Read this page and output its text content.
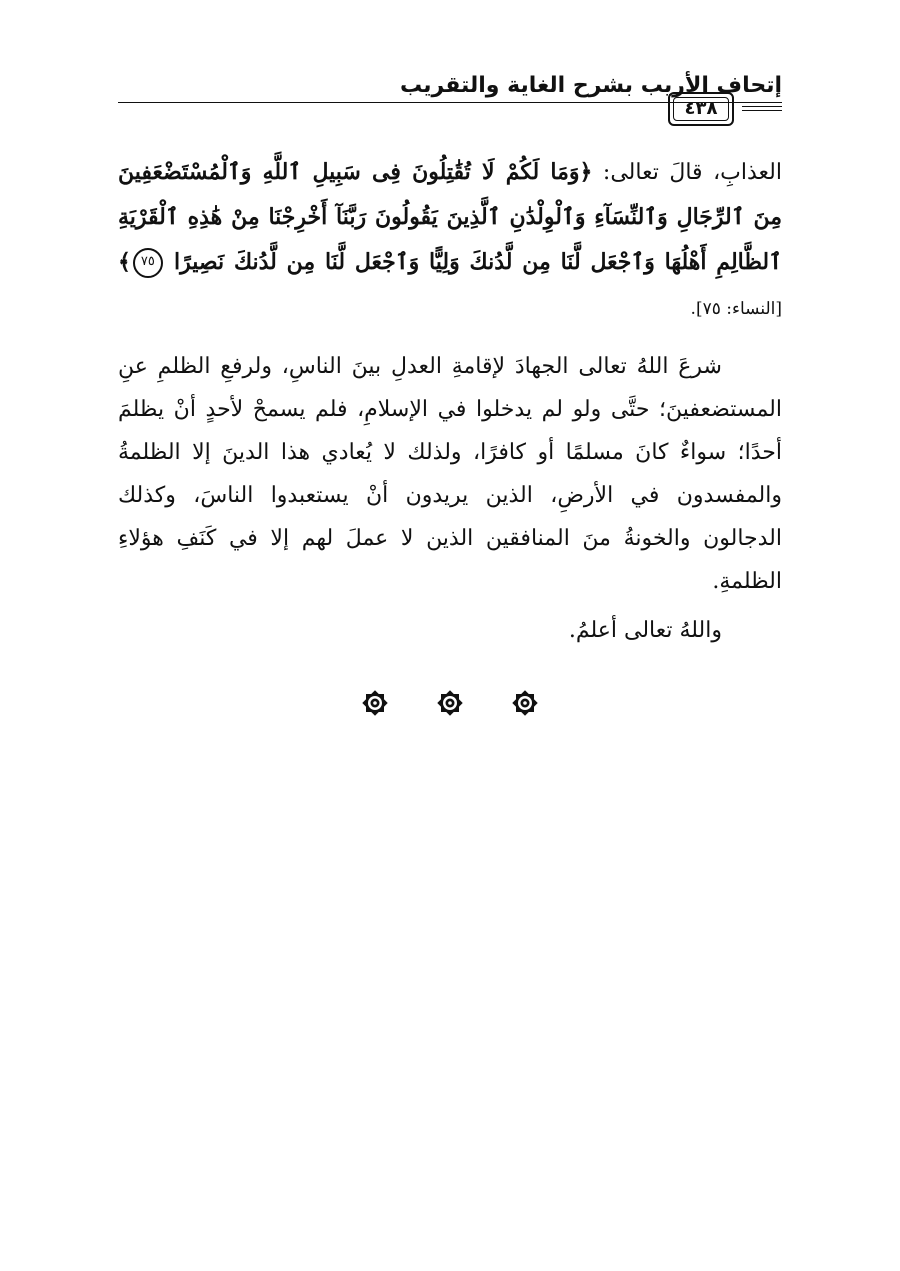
إتحاف الأريب بشرح الغاية والتقريب
٤٣٨

العذابِ، قالَ تعالى: ﴿وَمَا لَكُمْ لَا تُقَٰتِلُونَ فِى سَبِيلِ ٱللَّهِ وَٱلْمُسْتَضْعَفِينَ مِنَ ٱلرِّجَالِ وَٱلنِّسَآءِ وَٱلْوِلْدَٰنِ ٱلَّذِينَ يَقُولُونَ رَبَّنَآ أَخْرِجْنَا مِنْ هَٰذِهِ ٱلْقَرْيَةِ ٱلظَّالِمِ أَهْلُهَا وَٱجْعَل لَّنَا مِن لَّدُنكَ وَلِيًّا وَٱجْعَل لَّنَا مِن لَّدُنكَ نَصِيرًا ٧٥﴾ [النساء: ٧٥].

شرعَ اللهُ تعالى الجهادَ لإقامةِ العدلِ بينَ الناسِ، ولرفعِ الظلمِ عنِ المستضعفينَ؛ حتَّى ولو لم يدخلوا في الإسلامِ، فلم يسمحْ لأحدٍ أنْ يظلمَ أحدًا؛ سواءٌ كانَ مسلمًا أو كافرًا، ولذلك لا يُعادي هذا الدينَ إلا الظلمةُ والمفسدون في الأرضِ، الذين يريدون أنْ يستعبدوا الناسَ، وكذلك الدجالون والخونةُ منَ المنافقين الذين لا عملَ لهم إلا في كَنَفِ هؤلاءِ الظلمةِ.

واللهُ تعالى أعلمُ.
